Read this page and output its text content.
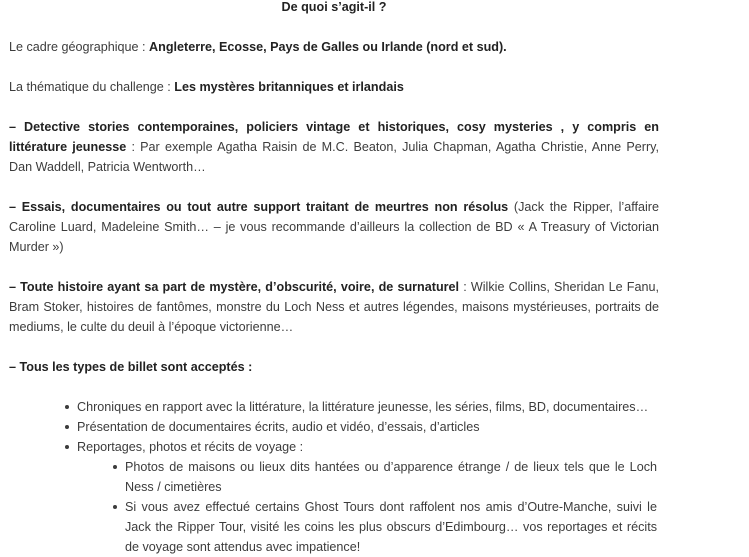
De quoi s’agit-il ?

Le cadre géographique : Angleterre, Ecosse, Pays de Galles ou Irlande (nord et sud).

La thématique du challenge : Les mystères britanniques et irlandais

– Detective stories contemporaines, policiers vintage et historiques, cosy mysteries , y compris en littérature jeunesse : Par exemple Agatha Raisin de M.C. Beaton, Julia Chapman, Agatha Christie, Anne Perry, Dan Waddell, Patricia Wentworth…

– Essais, documentaires ou tout autre support traitant de meurtres non résolus (Jack the Ripper, l’affaire Caroline Luard, Madeleine Smith… – je vous recommande d’ailleurs la collection de BD « A Treasury of Victorian Murder »)

– Toute histoire ayant sa part de mystère, d’obscurité, voire, de surnaturel : Wilkie Collins, Sheridan Le Fanu, Bram Stoker, histoires de fantômes, monstre du Loch Ness et autres légendes, maisons mystérieuses, portraits de mediums, le culte du deuil à l’époque victorienne…

– Tous les types de billet sont acceptés :

Chroniques en rapport avec la littérature, la littérature jeunesse, les séries, films, BD, documentaires…
Présentation de documentaires écrits, audio et vidéo, d’essais, d’articles
Reportages, photos et récits de voyage :
Photos de maisons ou lieux dits hantées ou d’apparence étrange / de lieux tels que le Loch Ness / cimetières
Si vous avez effectué certains Ghost Tours dont raffolent nos amis d’Outre-Manche, suivi le Jack the Ripper Tour, visité les coins les plus obscurs d’Edimbourg… vos reportages et récits de voyage sont attendus avec impatience!
